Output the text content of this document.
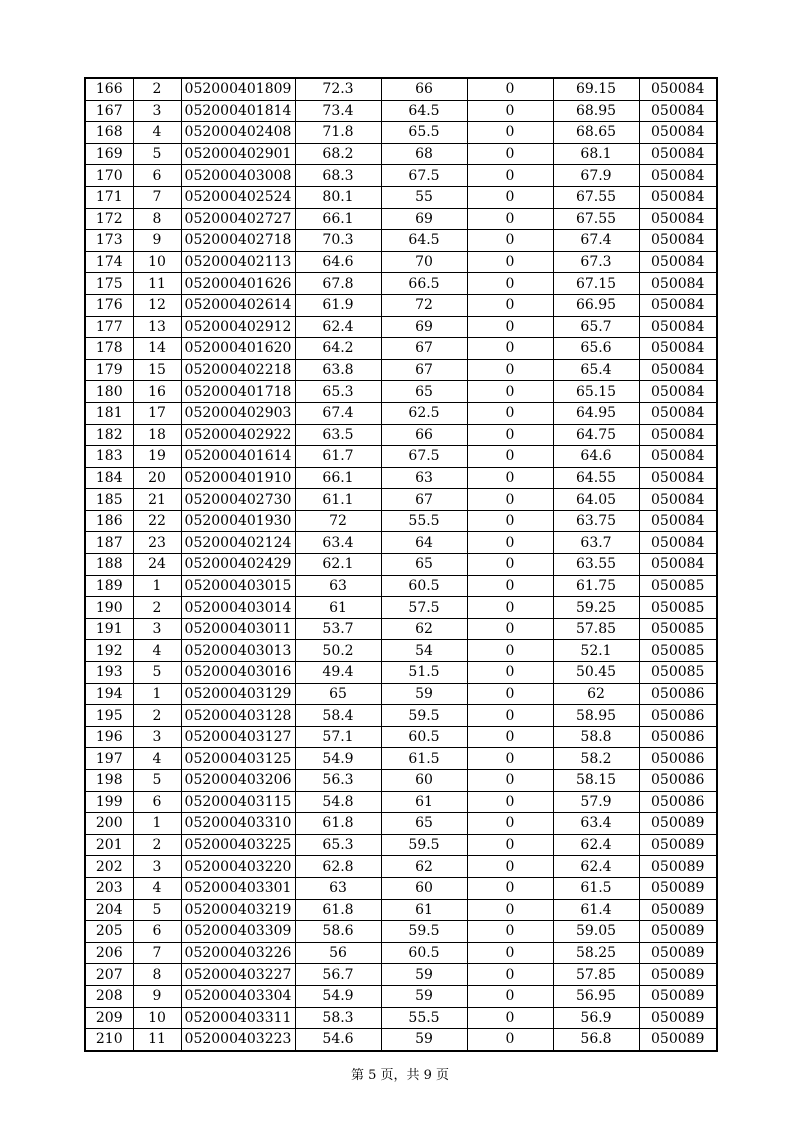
166	2	052000401809	72.3	66	0	69.15	050084
167	3	052000401814	73.4	64.5	0	68.95	050084
168	4	052000402408	71.8	65.5	0	68.65	050084
169	5	052000402901	68.2	68	0	68.1	050084
170	6	052000403008	68.3	67.5	0	67.9	050084
171	7	052000402524	80.1	55	0	67.55	050084
172	8	052000402727	66.1	69	0	67.55	050084
173	9	052000402718	70.3	64.5	0	67.4	050084
174	10	052000402113	64.6	70	0	67.3	050084
175	11	052000401626	67.8	66.5	0	67.15	050084
176	12	052000402614	61.9	72	0	66.95	050084
177	13	052000402912	62.4	69	0	65.7	050084
178	14	052000401620	64.2	67	0	65.6	050084
179	15	052000402218	63.8	67	0	65.4	050084
180	16	052000401718	65.3	65	0	65.15	050084
181	17	052000402903	67.4	62.5	0	64.95	050084
182	18	052000402922	63.5	66	0	64.75	050084
183	19	052000401614	61.7	67.5	0	64.6	050084
184	20	052000401910	66.1	63	0	64.55	050084
185	21	052000402730	61.1	67	0	64.05	050084
186	22	052000401930	72	55.5	0	63.75	050084
187	23	052000402124	63.4	64	0	63.7	050084
188	24	052000402429	62.1	65	0	63.55	050084
189	1	052000403015	63	60.5	0	61.75	050085
190	2	052000403014	61	57.5	0	59.25	050085
191	3	052000403011	53.7	62	0	57.85	050085
192	4	052000403013	50.2	54	0	52.1	050085
193	5	052000403016	49.4	51.5	0	50.45	050085
194	1	052000403129	65	59	0	62	050086
195	2	052000403128	58.4	59.5	0	58.95	050086
196	3	052000403127	57.1	60.5	0	58.8	050086
197	4	052000403125	54.9	61.5	0	58.2	050086
198	5	052000403206	56.3	60	0	58.15	050086
199	6	052000403115	54.8	61	0	57.9	050086
200	1	052000403310	61.8	65	0	63.4	050089
201	2	052000403225	65.3	59.5	0	62.4	050089
202	3	052000403220	62.8	62	0	62.4	050089
203	4	052000403301	63	60	0	61.5	050089
204	5	052000403219	61.8	61	0	61.4	050089
205	6	052000403309	58.6	59.5	0	59.05	050089
206	7	052000403226	56	60.5	0	58.25	050089
207	8	052000403227	56.7	59	0	57.85	050089
208	9	052000403304	54.9	59	0	56.95	050089
209	10	052000403311	58.3	55.5	0	56.9	050089
210	11	052000403223	54.6	59	0	56.8	050089
第 5 页，共 9 页
